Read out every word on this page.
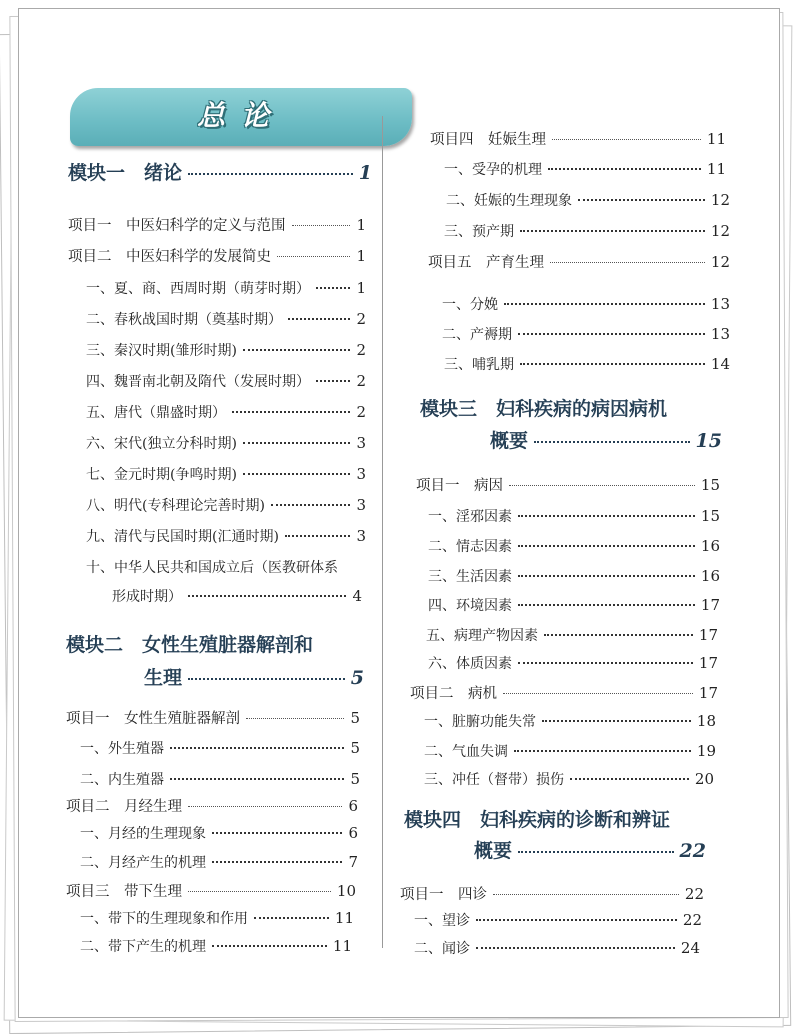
总论
模块一　绪论	1
项目一　中医妇科学的定义与范围	1
项目二　中医妇科学的发展简史	1
一、夏、商、西周时期（萌芽时期）	1
二、春秋战国时期（奠基时期）	2
三、秦汉时期(雏形时期)	2
四、魏晋南北朝及隋代（发展时期）	2
五、唐代（鼎盛时期）	2
六、宋代(独立分科时期)	3
七、金元时期(争鸣时期)	3
八、明代(专科理论完善时期)	3
九、清代与民国时期(汇通时期)	3
十、中华人民共和国成立后（医教研体系
形成时期）	4
模块二　女性生殖脏器解剖和
生理	5
项目一　女性生殖脏器解剖	5
一、外生殖器	5
二、内生殖器	5
项目二　月经生理	6
一、月经的生理现象	6
二、月经产生的机理	7
项目三　带下生理	10
一、带下的生理现象和作用	11
二、带下产生的机理	11
项目四　妊娠生理	11
一、受孕的机理	11
二、妊娠的生理现象	12
三、预产期	12
项目五　产育生理	12
一、分娩	13
二、产褥期	13
三、哺乳期	14
模块三　妇科疾病的病因病机
概要	15
项目一　病因	15
一、淫邪因素	15
二、情志因素	16
三、生活因素	16
四、环境因素	17
五、病理产物因素	17
六、体质因素	17
项目二　病机	17
一、脏腑功能失常	18
二、气血失调	19
三、冲任（督带）损伤	20
模块四　妇科疾病的诊断和辨证
概要	22
项目一　四诊	22
一、望诊	22
二、闻诊	24
